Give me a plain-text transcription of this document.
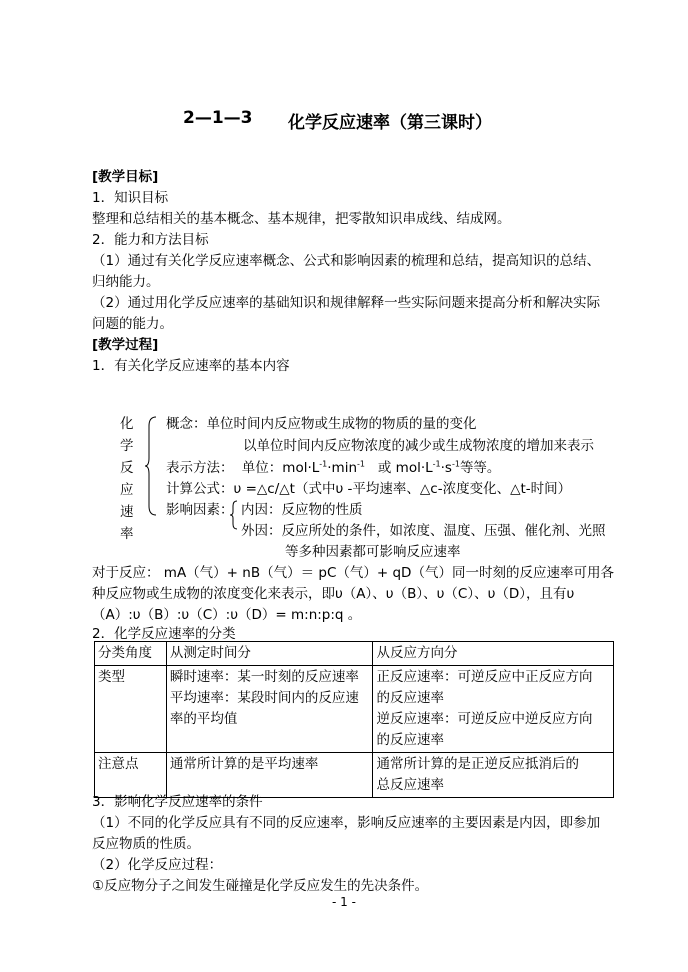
2—1—3 化学反应速率（第三课时）
[教学目标]
1．知识目标
整理和总结相关的基本概念、基本规律，把零散知识串成线、结成网。
2．能力和方法目标
（1）通过有关化学反应速率概念、公式和影响因素的梳理和总结，提高知识的总结、
归纳能力。
（2）通过用化学反应速率的基础知识和规律解释一些实际问题来提高分析和解决实际
问题的能力。
[教学过程]
1．有关化学反应速率的基本内容
化
学
反
应
速
率
概念：单位时间内反应物或生成物的物质的量的变化
以单位时间内反应物浓度的减少或生成物浓度的增加来表示
表示方法： 单位：$mol\cdot L^{-1}\cdot\min^{-1}$ 或 $mol\cdot L^{-1}\cdot s^{-1}$等等。
计算公式：υ =△c/△t（式中υ -平均速率、△c-浓度变化、△t-时间）
影响因素： 内因：反应物的性质
外因：反应所处的条件，如浓度、温度、压强、催化剂、光照
等多种因素都可影响反应速率
对于反应： mA（气）+ nB（气）＝ pC（气）+ qD（气）同一时刻的反应速率可用各
种反应物或生成物的浓度变化来表示，即υ（A）、υ（B）、υ（C）、υ（D），且有υ
（A）:υ（B）:υ（C）:υ（D）= m:n:p:q 。
2．化学反应速率的分类
分类角度	从测定时间分	从反应方向分
类型	瞬时速率：某一时刻的反应速率
平均速率：某段时间内的反应速
率的平均值	正反应速率：可逆反应中正反应方向
的反应速率
逆反应速率：可逆反应中逆反应方向
的反应速率

注意点	通常所计算的是平均速率	通常所计算的是正逆反应抵消后的
总反应速率
3．影响化学反应速率的条件
（1）不同的化学反应具有不同的反应速率，影响反应速率的主要因素是内因，即参加
反应物质的性质。
（2）化学反应过程：
①反应物分子之间发生碰撞是化学反应发生的先决条件。
- 1 -
